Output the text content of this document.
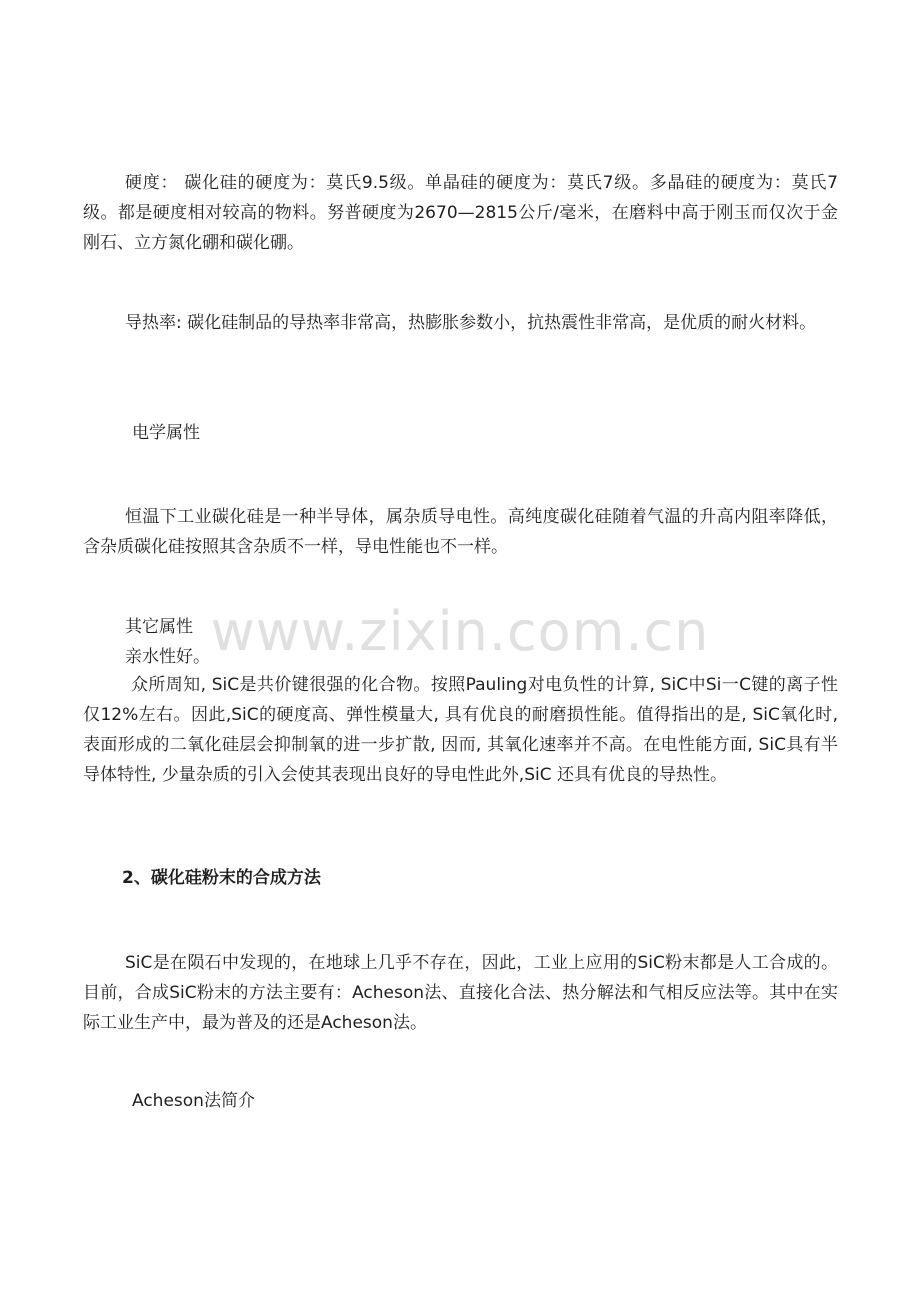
硬度： 碳化硅的硬度为：莫氏9.5级。单晶硅的硬度为：莫氏7级。多晶硅的硬度为：莫氏7级。都是硬度相对较高的物料。努普硬度为2670—2815公斤/毫米，在磨料中高于刚玉而仅次于金刚石、立方氮化硼和碳化硼。

导热率: 碳化硅制品的导热率非常高，热膨胀参数小，抗热震性非常高，是优质的耐火材料。

电学属性

恒温下工业碳化硅是一种半导体，属杂质导电性。高纯度碳化硅随着气温的升高内阻率降低，含杂质碳化硅按照其含杂质不一样，导电性能也不一样。

其它属性

亲水性好。

众所周知, SiC是共价键很强的化合物。按照Pauling对电负性的计算, SiC中Si一C键的离子性仅12%左右。因此,SiC的硬度高、弹性模量大, 具有优良的耐磨损性能。值得指出的是, SiC氧化时, 表面形成的二氧化硅层会抑制氧的进一步扩散, 因而, 其氧化速率并不高。在电性能方面, SiC具有半导体特性, 少量杂质的引入会使其表现出良好的导电性此外,SiC 还具有优良的导热性。

2、碳化硅粉末的合成方法

SiC是在陨石中发现的，在地球上几乎不存在，因此，工业上应用的SiC粉末都是人工合成的。目前，合成SiC粉末的方法主要有：Acheson法、直接化合法、热分解法和气相反应法等。其中在实际工业生产中，最为普及的还是Acheson法。

Acheson法简介

www.zixin.com.cn
